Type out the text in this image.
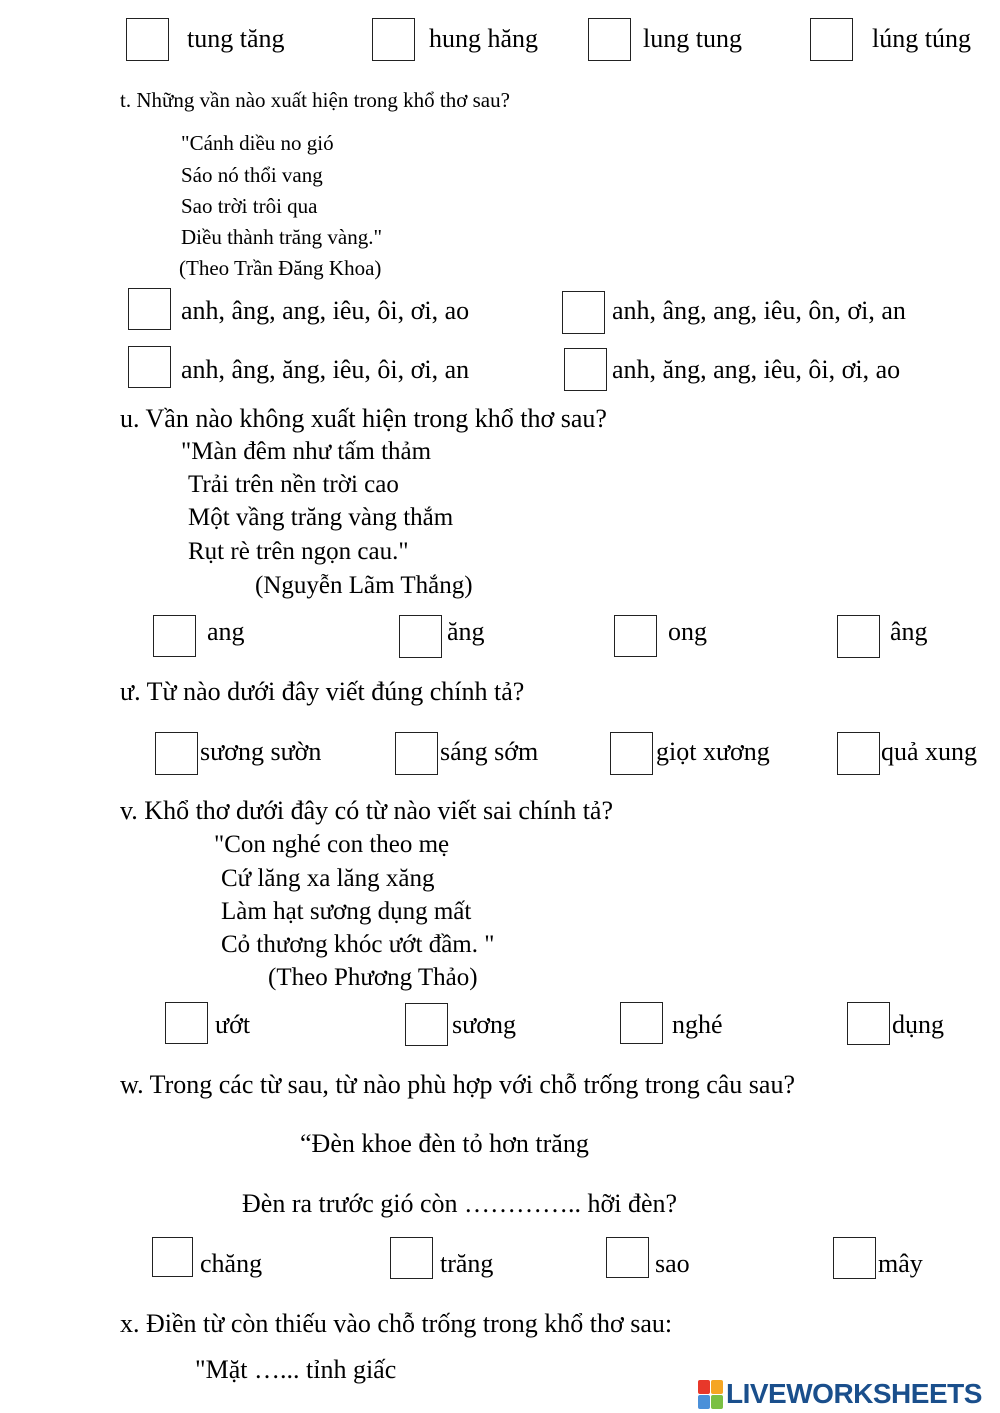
tung tăng	hung hăng	lung tung	lúng túng
t. Những vần nào xuất hiện trong khổ thơ sau?
"Cánh diều no gió
Sáo nó thổi vang
Sao trời trôi qua
Diều thành trăng vàng."
(Theo Trần Đăng Khoa)
anh, âng, ang, iêu, ôi, ơi, ao	anh, âng, ang, iêu, ôn, ơi, an
anh, âng, ăng, iêu, ôi, ơi, an	anh, ăng, ang, iêu, ôi, ơi, ao
u. Vần nào không xuất hiện trong khổ thơ sau?
"Màn đêm như tấm thảm
Trải trên nền trời cao
Một vầng trăng vàng thắm
Rụt rè trên ngọn cau."
(Nguyễn Lãm Thắng)
ang	ăng	ong	âng
ư. Từ nào dưới đây viết đúng chính tả?
sương sườn	sáng sớm	giọt xương	quả xung
v. Khổ thơ dưới đây có từ nào viết sai chính tả?
"Con nghé con theo mẹ
Cứ lăng xa lăng xăng
Làm hạt sương dụng mất
Cỏ thương khóc ướt đầm. "
(Theo Phương Thảo)
ướt	sương	nghé	dụng
w. Trong các từ sau, từ nào phù hợp với chỗ trống trong câu sau?
“Đèn khoe đèn tỏ hơn trăng
Đèn ra trước gió còn ………….. hỡi đèn?
chăng	trăng	sao	mây
x. Điền từ còn thiếu vào chỗ trống trong khổ thơ sau:
"Mặt …... tỉnh giấc
LIVEWORKSHEETS
